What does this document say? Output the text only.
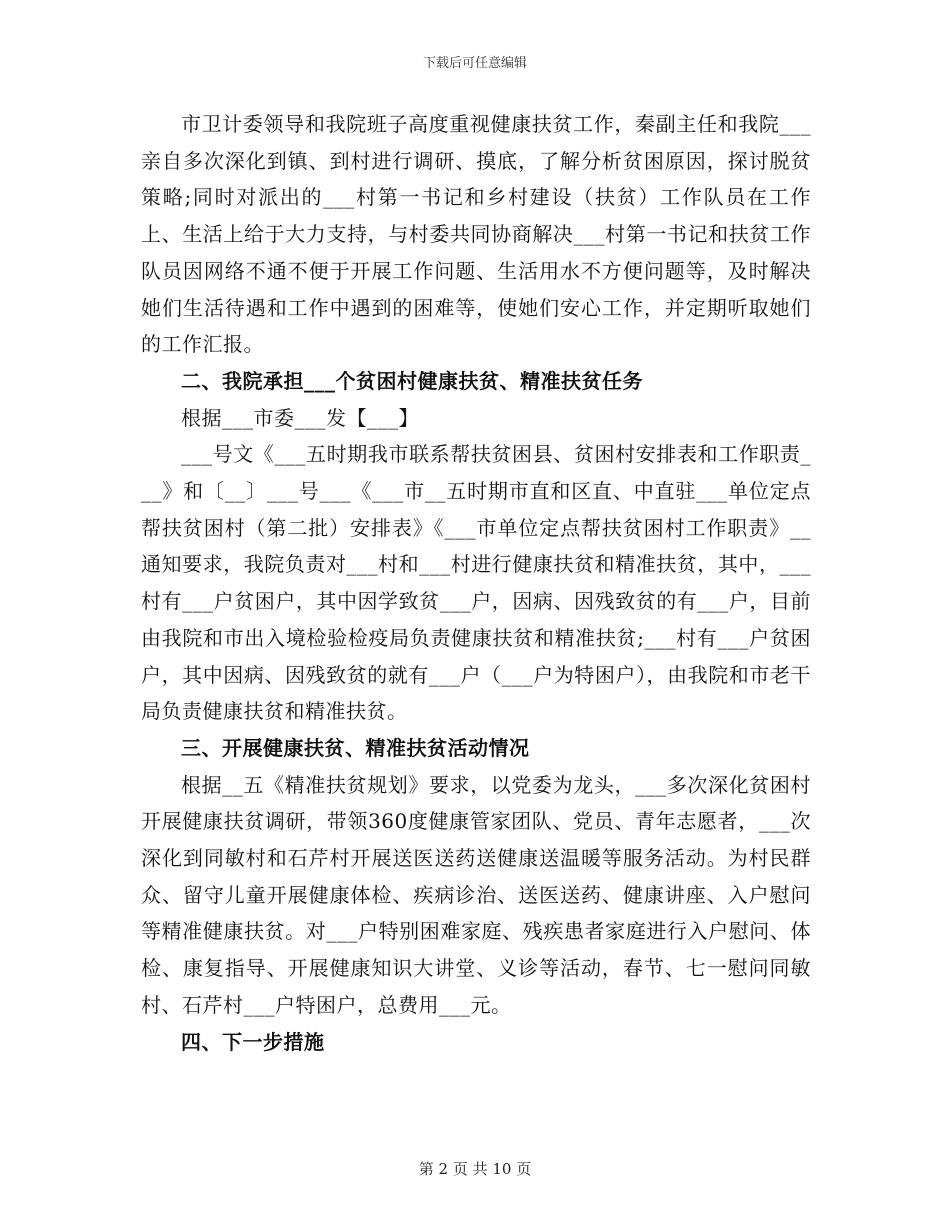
下载后可任意编辑

市卫计委领导和我院班子高度重视健康扶贫工作，秦副主任和我院___亲自多次深化到镇、到村进行调研、摸底，了解分析贫困原因，探讨脱贫策略;同时对派出的___村第一书记和乡村建设（扶贫）工作队员在工作上、生活上给于大力支持，与村委共同协商解决___村第一书记和扶贫工作队员因网络不通不便于开展工作问题、生活用水不方便问题等，及时解决她们生活待遇和工作中遇到的困难等，使她们安心工作，并定期听取她们的工作汇报。

二、我院承担___个贫困村健康扶贫、精准扶贫任务

根据___市委___发【___】

___号文《___五时期我市联系帮扶贫困县、贫困村安排表和工作职责___》和〔__〕___号___《___市__五时期市直和区直、中直驻___单位定点帮扶贫困村（第二批）安排表》《___市单位定点帮扶贫困村工作职责》__通知要求，我院负责对___村和___村进行健康扶贫和精准扶贫，其中，___村有___户贫困户，其中因学致贫___户，因病、因残致贫的有___户，目前由我院和市出入境检验检疫局负责健康扶贫和精准扶贫;___村有___户贫困户，其中因病、因残致贫的就有___户（___户为特困户），由我院和市老干局负责健康扶贫和精准扶贫。

三、开展健康扶贫、精准扶贫活动情况

根据__五《精准扶贫规划》要求，以党委为龙头，___多次深化贫困村开展健康扶贫调研，带领360度健康管家团队、党员、青年志愿者，___次深化到同敏村和石芹村开展送医送药送健康送温暖等服务活动。为村民群众、留守儿童开展健康体检、疾病诊治、送医送药、健康讲座、入户慰问等精准健康扶贫。对___户特别困难家庭、残疾患者家庭进行入户慰问、体检、康复指导、开展健康知识大讲堂、义诊等活动，春节、七一慰问同敏村、石芹村___户特困户，总费用___元。

四、下一步措施

第 2 页 共 10 页
